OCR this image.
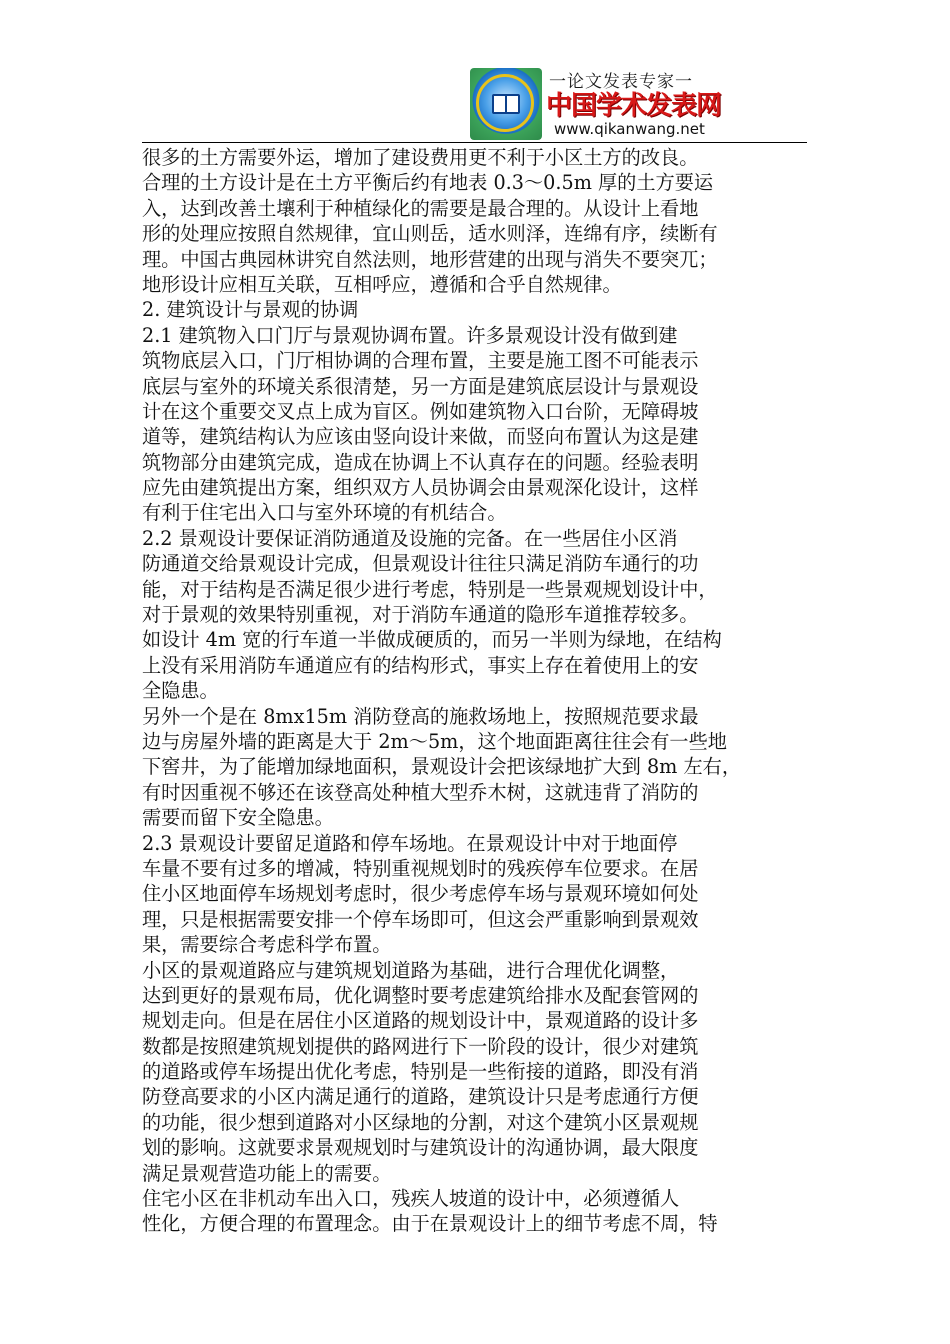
一论文发表专家一
中国学术发表网
www.qikanwang.net
很多的土方需要外运，增加了建设费用更不利于小区土方的改良。
合理的土方设计是在土方平衡后约有地表 0.3～0.5m 厚的土方要运
入，达到改善土壤利于种植绿化的需要是最合理的。从设计上看地
形的处理应按照自然规律，宜山则岳，适水则泽，连绵有序，续断有
理。中国古典园林讲究自然法则，地形营建的出现与消失不要突兀；
地形设计应相互关联，互相呼应，遵循和合乎自然规律。
2. 建筑设计与景观的协调
2.1 建筑物入口门厅与景观协调布置。许多景观设计没有做到建
筑物底层入口，门厅相协调的合理布置，主要是施工图不可能表示
底层与室外的环境关系很清楚，另一方面是建筑底层设计与景观设
计在这个重要交叉点上成为盲区。例如建筑物入口台阶，无障碍坡
道等，建筑结构认为应该由竖向设计来做，而竖向布置认为这是建
筑物部分由建筑完成，造成在协调上不认真存在的问题。经验表明
应先由建筑提出方案，组织双方人员协调会由景观深化设计，这样
有利于住宅出入口与室外环境的有机结合。
2.2 景观设计要保证消防通道及设施的完备。在一些居住小区消
防通道交给景观设计完成，但景观设计往往只满足消防车通行的功
能，对于结构是否满足很少进行考虑，特别是一些景观规划设计中，
对于景观的效果特别重视，对于消防车通道的隐形车道推荐较多。
如设计 4m 宽的行车道一半做成硬质的，而另一半则为绿地，在结构
上没有采用消防车通道应有的结构形式，事实上存在着使用上的安
全隐患。
另外一个是在 8mx15m 消防登高的施救场地上，按照规范要求最
边与房屋外墙的距离是大于 2m～5m，这个地面距离往往会有一些地
下窖井，为了能增加绿地面积，景观设计会把该绿地扩大到 8m 左右，
有时因重视不够还在该登高处种植大型乔木树，这就违背了消防的
需要而留下安全隐患。
2.3 景观设计要留足道路和停车场地。在景观设计中对于地面停
车量不要有过多的增减，特别重视规划时的残疾停车位要求。在居
住小区地面停车场规划考虑时，很少考虑停车场与景观环境如何处
理，只是根据需要安排一个停车场即可，但这会严重影响到景观效
果，需要综合考虑科学布置。
小区的景观道路应与建筑规划道路为基础，进行合理优化调整，
达到更好的景观布局，优化调整时要考虑建筑给排水及配套管网的
规划走向。但是在居住小区道路的规划设计中，景观道路的设计多
数都是按照建筑规划提供的路网进行下一阶段的设计，很少对建筑
的道路或停车场提出优化考虑，特别是一些衔接的道路，即没有消
防登高要求的小区内满足通行的道路，建筑设计只是考虑通行方便
的功能，很少想到道路对小区绿地的分割，对这个建筑小区景观规
划的影响。这就要求景观规划时与建筑设计的沟通协调，最大限度
满足景观营造功能上的需要。
住宅小区在非机动车出入口，残疾人坡道的设计中，必须遵循人
性化，方便合理的布置理念。由于在景观设计上的细节考虑不周，特
